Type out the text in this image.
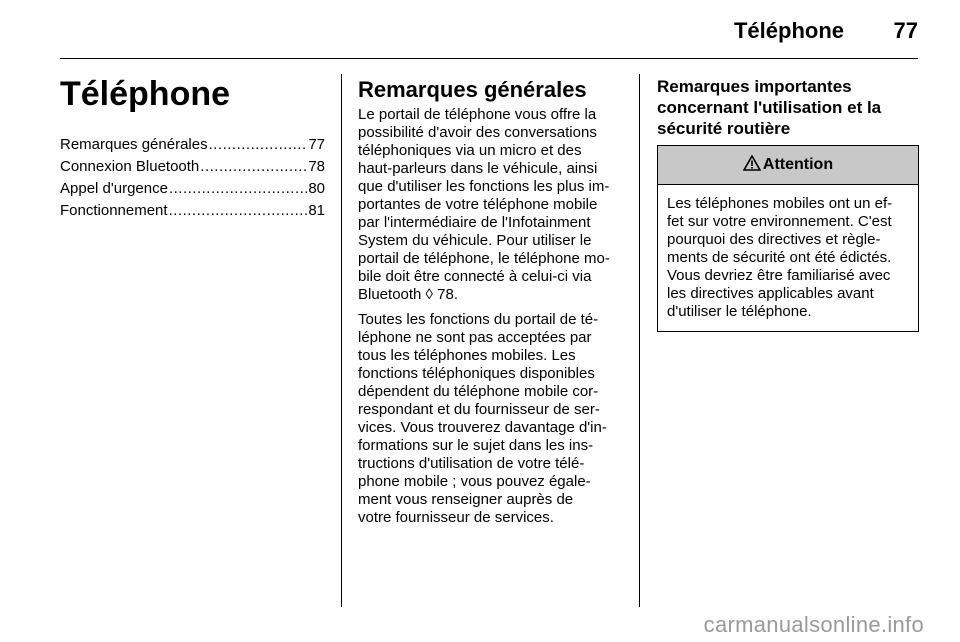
Téléphone 77
Téléphone
Remarques générales .....	77
Connexion Bluetooth .....	78
Appel d'urgence .....	80
Fonctionnement .....	81
Remarques générales

Le portail de téléphone vous offre la
possibilité d'avoir des conversations
téléphoniques via un micro et des
haut-parleurs dans le véhicule, ainsi
que d'utiliser les fonctions les plus im-
portantes de votre téléphone mobile
par l'intermédiaire de l'Infotainment
System du véhicule. Pour utiliser le
portail de téléphone, le téléphone mo-
bile doit être connecté à celui-ci via
Bluetooth ◊ 78.

Toutes les fonctions du portail de té-
léphone ne sont pas acceptées par
tous les téléphones mobiles. Les
fonctions téléphoniques disponibles
dépendent du téléphone mobile cor-
respondant et du fournisseur de ser-
vices. Vous trouverez davantage d'in-
formations sur le sujet dans les ins-
tructions d'utilisation de votre télé-
phone mobile ; vous pouvez égale-
ment vous renseigner auprès de
votre fournisseur de services.

Remarques importantes
concernant l'utilisation et la
sécurité routière
Attention
Les téléphones mobiles ont un ef-
fet sur votre environnement. C'est
pourquoi des directives et règle-
ments de sécurité ont été édictés.
Vous devriez être familiarisé avec
les directives applicables avant
d'utiliser le téléphone.
carmanualsonline.info
